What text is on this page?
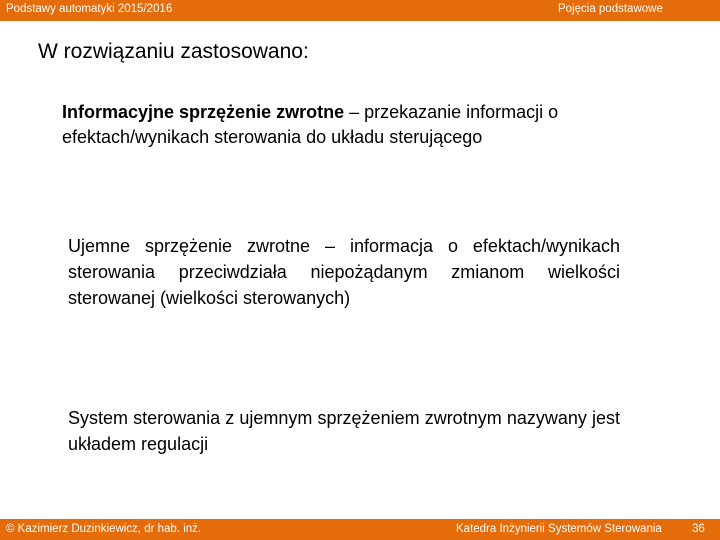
Podstawy automatyki 2015/2016	Pojęcia podstawowe
W rozwiązaniu zastosowano:
Informacyjne sprzężenie zwrotne – przekazanie informacji o efektach/wynikach sterowania do układu sterującego
Ujemne sprzężenie zwrotne – informacja o efektach/wynikach sterowania przeciwdziała niepożądanym zmianom wielkości sterowanej (wielkości sterowanych)
System sterowania z ujemnym sprzężeniem zwrotnym nazywany jest układem regulacji
© Kazimierz Duzinkiewicz, dr hab. inż.	Katedra Inżynierii Systemów Sterowania	36
